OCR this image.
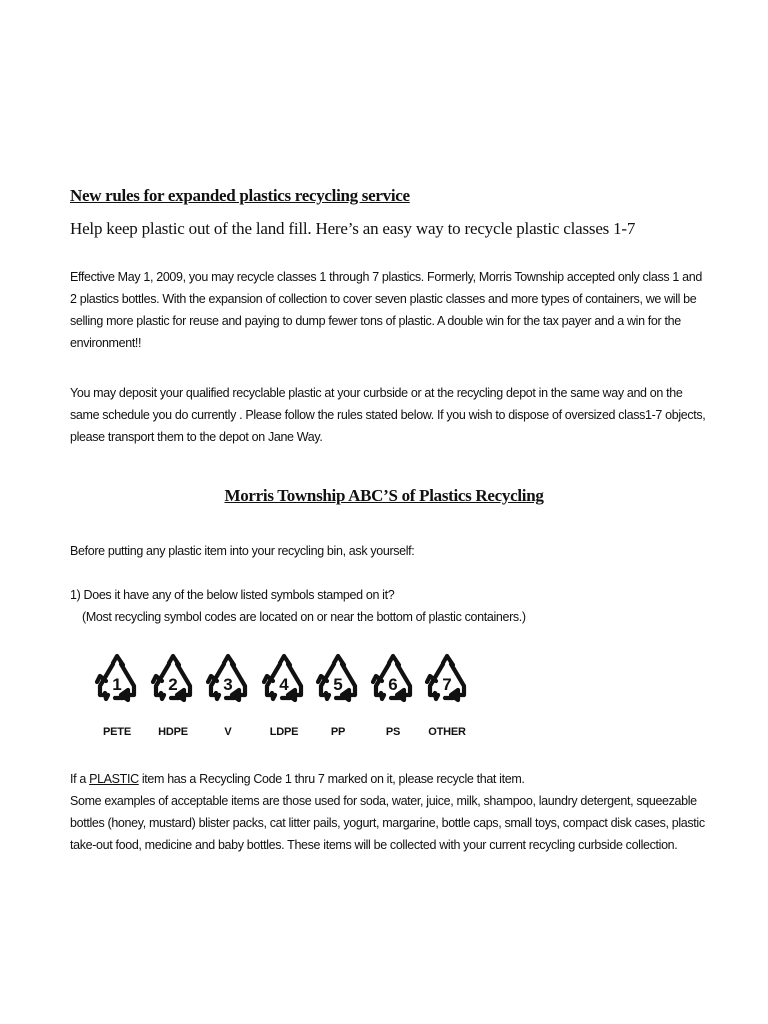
New rules for expanded plastics recycling service
Help keep plastic out of the land fill. Here’s an easy way to recycle plastic classes 1-7

Effective May 1, 2009, you may recycle classes 1 through 7 plastics. Formerly, Morris Township accepted only class 1 and 2 plastics bottles. With the expansion of collection to cover seven plastic classes and more types of containers, we will be selling more plastic for reuse and paying to dump fewer tons of plastic. A double win for the tax payer and a win for the environment!!

You may deposit your qualified recyclable plastic at your curbside or at the recycling depot in the same way and on the same schedule you do currently . Please follow the rules stated below. If you wish to dispose of oversized class1-7 objects, please transport them to the depot on Jane Way.

Morris Township ABC’S of Plastics Recycling

Before putting any plastic item into your recycling bin, ask yourself:

1) Does it have any of the below listed symbols stamped on it?

(Most recycling symbol codes are located on or near the bottom of plastic containers.)

1
PETE
2
HDPE
3
V
4
LDPE
5
PP
6
PS
7
OTHER

If a PLASTIC item has a Recycling Code 1 thru 7 marked on it, please recycle that item.

Some examples of acceptable items are those used for soda, water, juice, milk, shampoo, laundry detergent, squeezable bottles (honey, mustard) blister packs, cat litter pails, yogurt, margarine, bottle caps, small toys, compact disk cases, plastic take-out food, medicine and baby bottles. These items will be collected with your current recycling curbside collection.
